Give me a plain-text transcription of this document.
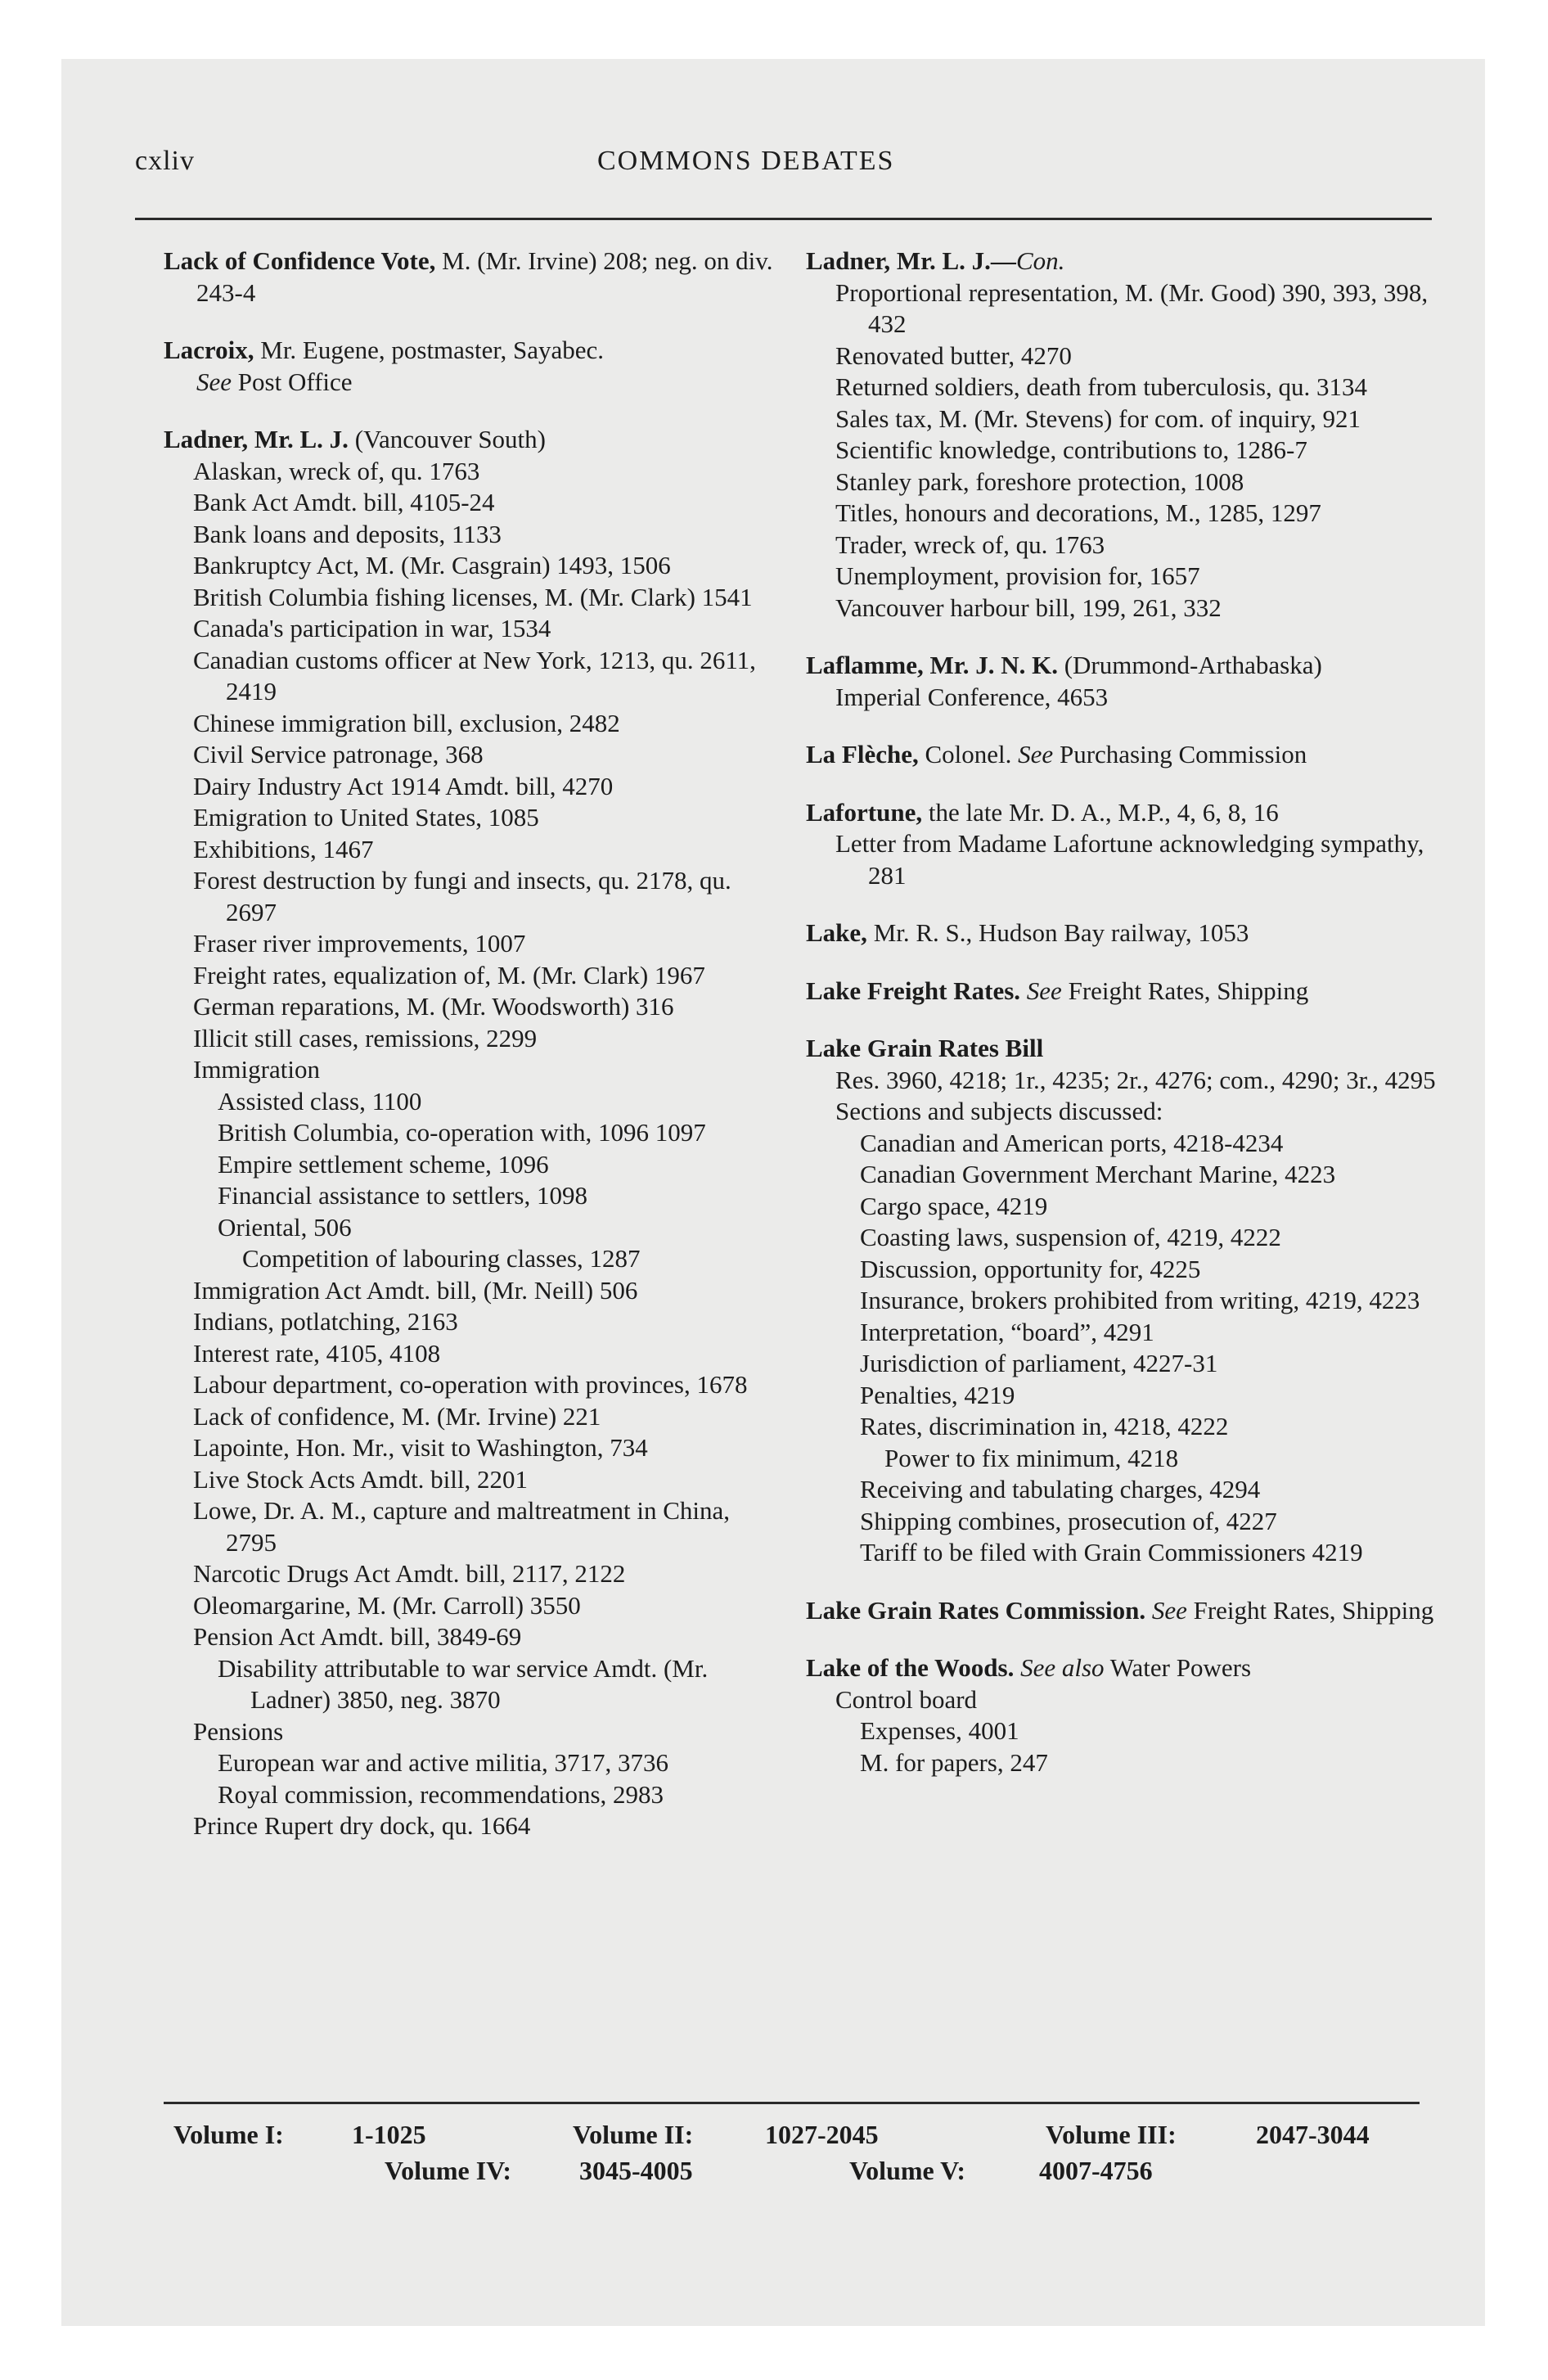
cxliv	COMMONS DEBATES
Lack of Confidence Vote, M. (Mr. Irvine) 208; neg. on div. 243-4
Lacroix, Mr. Eugene, postmaster, Sayabec.
See Post Office
Ladner, Mr. L. J. (Vancouver South)
Alaskan, wreck of, qu. 1763
Bank Act Amdt. bill, 4105-24
Bank loans and deposits, 1133
Bankruptcy Act, M. (Mr. Casgrain) 1493, 1506
British Columbia fishing licenses, M. (Mr. Clark) 1541
Canada's participation in war, 1534
Canadian customs officer at New York, 1213, qu. 2611, 2419
Chinese immigration bill, exclusion, 2482
Civil Service patronage, 368
Dairy Industry Act 1914 Amdt. bill, 4270
Emigration to United States, 1085
Exhibitions, 1467
Forest destruction by fungi and insects, qu. 2178, qu. 2697
Fraser river improvements, 1007
Freight rates, equalization of, M. (Mr. Clark) 1967
German reparations, M. (Mr. Woodsworth) 316
Illicit still cases, remissions, 2299
Immigration
Assisted class, 1100
British Columbia, co-operation with, 1096 1097
Empire settlement scheme, 1096
Financial assistance to settlers, 1098
Oriental, 506
Competition of labouring classes, 1287
Immigration Act Amdt. bill, (Mr. Neill) 506
Indians, potlatching, 2163
Interest rate, 4105, 4108
Labour department, co-operation with provinces, 1678
Lack of confidence, M. (Mr. Irvine) 221
Lapointe, Hon. Mr., visit to Washington, 734
Live Stock Acts Amdt. bill, 2201
Lowe, Dr. A. M., capture and maltreatment in China, 2795
Narcotic Drugs Act Amdt. bill, 2117, 2122
Oleomargarine, M. (Mr. Carroll) 3550
Pension Act Amdt. bill, 3849-69
Disability attributable to war service Amdt. (Mr. Ladner) 3850, neg. 3870
Pensions
European war and active militia, 3717, 3736
Royal commission, recommendations, 2983
Prince Rupert dry dock, qu. 1664
Ladner, Mr. L. J.—Con.
Proportional representation, M. (Mr. Good) 390, 393, 398, 432
Renovated butter, 4270
Returned soldiers, death from tuberculosis, qu. 3134
Sales tax, M. (Mr. Stevens) for com. of inquiry, 921
Scientific knowledge, contributions to, 1286-7
Stanley park, foreshore protection, 1008
Titles, honours and decorations, M., 1285, 1297
Trader, wreck of, qu. 1763
Unemployment, provision for, 1657
Vancouver harbour bill, 199, 261, 332
Laflamme, Mr. J. N. K. (Drummond-Arthabaska)
Imperial Conference, 4653
La Flèche, Colonel. See Purchasing Commission
Lafortune, the late Mr. D. A., M.P., 4, 6, 8, 16
Letter from Madame Lafortune acknowledging sympathy, 281
Lake, Mr. R. S., Hudson Bay railway, 1053
Lake Freight Rates. See Freight Rates, Shipping
Lake Grain Rates Bill
Res. 3960, 4218; 1r., 4235; 2r., 4276; com., 4290; 3r., 4295
Sections and subjects discussed:
Canadian and American ports, 4218-4234
Canadian Government Merchant Marine, 4223
Cargo space, 4219
Coasting laws, suspension of, 4219, 4222
Discussion, opportunity for, 4225
Insurance, brokers prohibited from writing, 4219, 4223
Interpretation, “board”, 4291
Jurisdiction of parliament, 4227-31
Penalties, 4219
Rates, discrimination in, 4218, 4222
Power to fix minimum, 4218
Receiving and tabulating charges, 4294
Shipping combines, prosecution of, 4227
Tariff to be filed with Grain Commissioners 4219
Lake Grain Rates Commission. See Freight Rates, Shipping
Lake of the Woods. See also Water Powers
Control board
Expenses, 4001
M. for papers, 247
Volume I:	1-1025	Volume II:	1027-2045	Volume III:	2047-3044
Volume IV:	3045-4005	Volume V:	4007-4756
